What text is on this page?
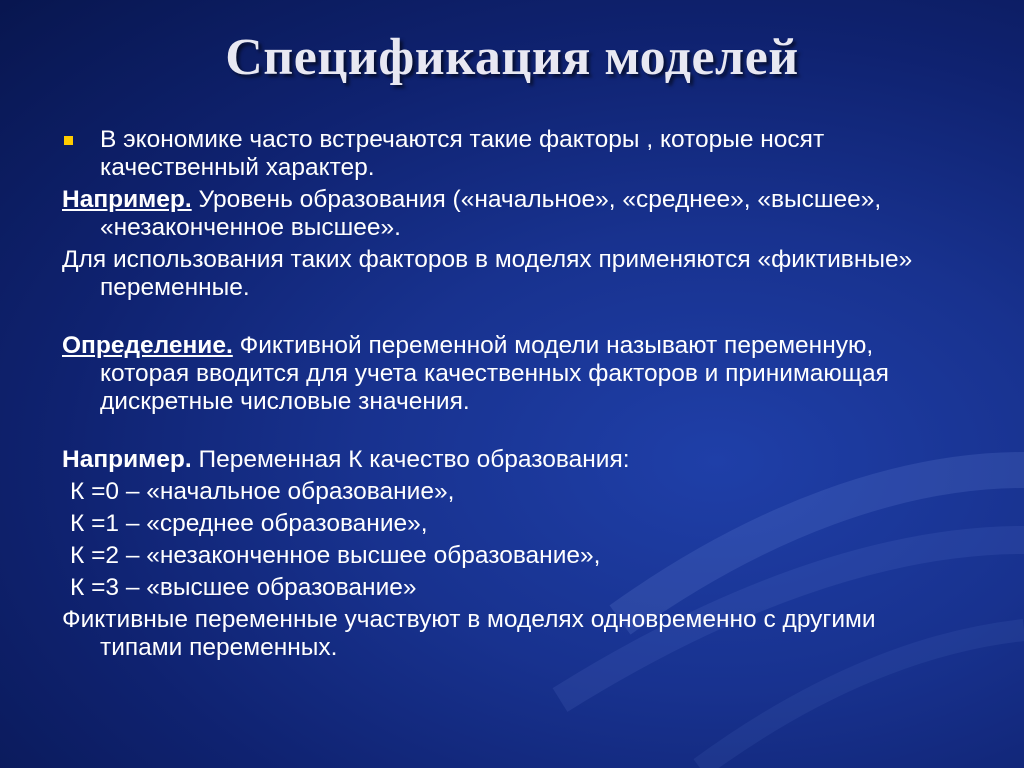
Спецификация моделей
В экономике часто встречаются такие факторы , которые носят качественный характер.
Например. Уровень образования («начальное», «среднее», «высшее», «незаконченное высшее».
Для использования таких факторов в моделях применяются «фиктивные» переменные.
Определение. Фиктивной переменной модели называют переменную, которая вводится для учета качественных факторов и принимающая дискретные числовые значения.
Например. Переменная К качество образования:
К =0 – «начальное образование»,
К =1 – «среднее образование»,
К =2 – «незаконченное высшее образование»,
К =3 – «высшее образование»
Фиктивные переменные участвуют в моделях одновременно с другими типами переменных.
